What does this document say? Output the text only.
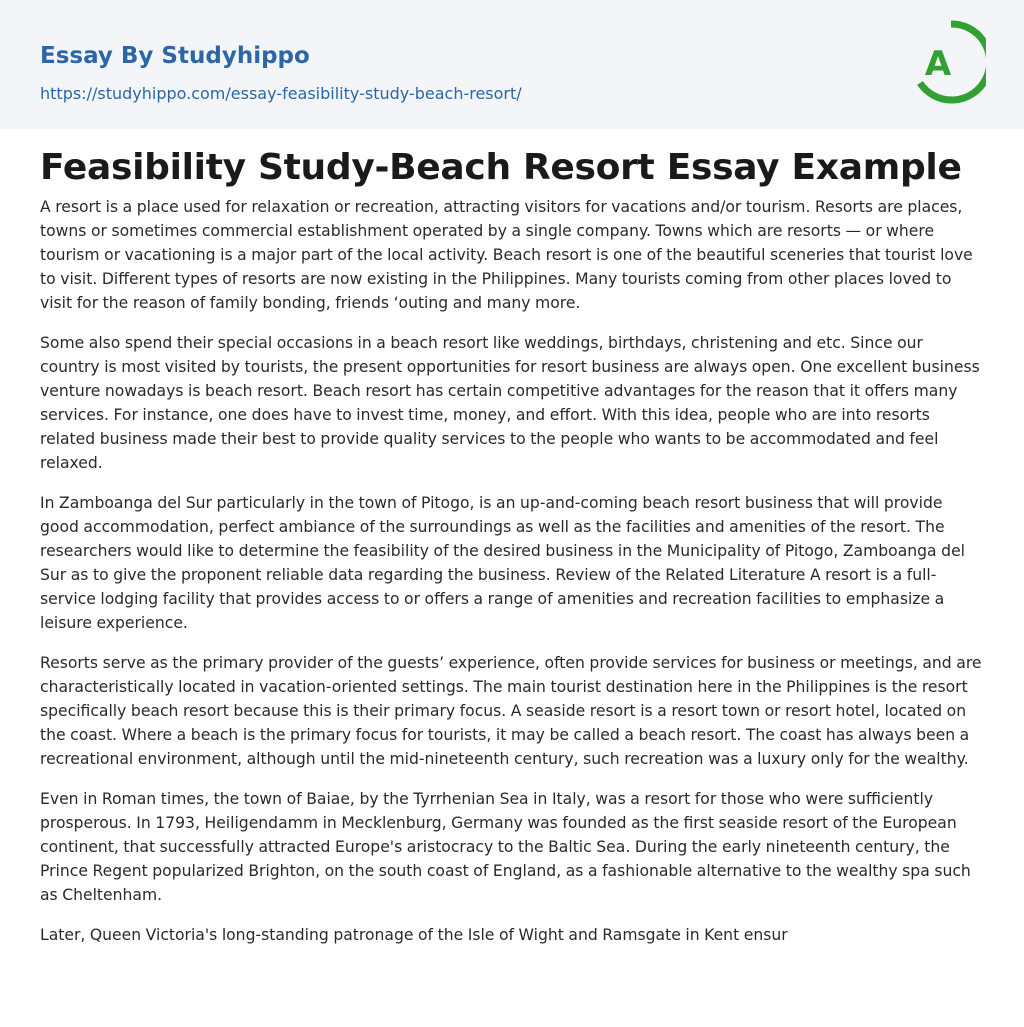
Essay By Studyhippo
https://studyhippo.com/essay-feasibility-study-beach-resort/
A
Feasibility Study-Beach Resort Essay Example

A resort is a place used for relaxation or recreation, attracting visitors for vacations and/or tourism. Resorts are places, towns or sometimes commercial establishment operated by a single company. Towns which are resorts — or where tourism or vacationing is a major part of the local activity. Beach resort is one of the beautiful sceneries that tourist love to visit. Different types of resorts are now existing in the Philippines. Many tourists coming from other places loved to visit for the reason of family bonding, friends ‘outing and many more.

Some also spend their special occasions in a beach resort like weddings, birthdays, christening and etc. Since our country is most visited by tourists, the present opportunities for resort business are always open. One excellent business venture nowadays is beach resort. Beach resort has certain competitive advantages for the reason that it offers many services. For instance, one does have to invest time, money, and effort. With this idea, people who are into resorts related business made their best to provide quality services to the people who wants to be accommodated and feel relaxed.

In Zamboanga del Sur particularly in the town of Pitogo, is an up-and-coming beach resort business that will provide good accommodation, perfect ambiance of the surroundings as well as the facilities and amenities of the resort. The researchers would like to determine the feasibility of the desired business in the Municipality of Pitogo, Zamboanga del Sur as to give the proponent reliable data regarding the business. Review of the Related Literature A resort is a full-service lodging facility that provides access to or offers a range of amenities and recreation facilities to emphasize a leisure experience.

Resorts serve as the primary provider of the guests’ experience, often provide services for business or meetings, and are characteristically located in vacation-oriented settings. The main tourist destination here in the Philippines is the resort specifically beach resort because this is their primary focus. A seaside resort is a resort town or resort hotel, located on the coast. Where a beach is the primary focus for tourists, it may be called a beach resort. The coast has always been a recreational environment, although until the mid-nineteenth century, such recreation was a luxury only for the wealthy.

Even in Roman times, the town of Baiae, by the Tyrrhenian Sea in Italy, was a resort for those who were sufficiently prosperous. In 1793, Heiligendamm in Mecklenburg, Germany was founded as the first seaside resort of the European continent, that successfully attracted Europe's aristocracy to the Baltic Sea. During the early nineteenth century, the Prince Regent popularized Brighton, on the south coast of England, as a fashionable alternative to the wealthy spa such as Cheltenham.

Later, Queen Victoria's long-standing patronage of the Isle of Wight and Ramsgate in Kent ensur
